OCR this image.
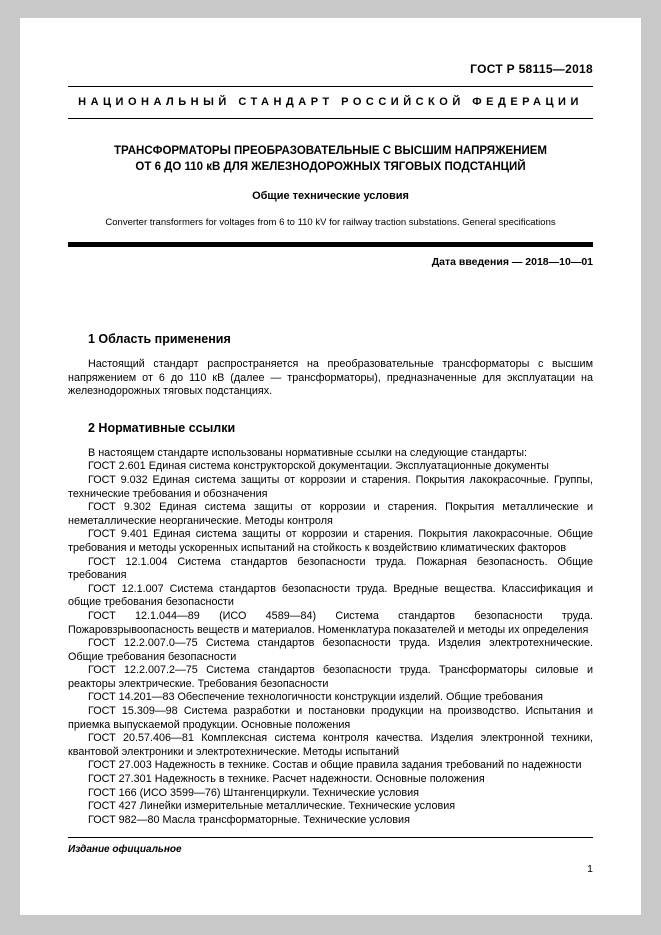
ГОСТ Р 58115—2018
НАЦИОНАЛЬНЫЙ СТАНДАРТ РОССИЙСКОЙ ФЕДЕРАЦИИ
ТРАНСФОРМАТОРЫ ПРЕОБРАЗОВАТЕЛЬНЫЕ С ВЫСШИМ НАПРЯЖЕНИЕМ
ОТ 6 ДО 110 кВ ДЛЯ ЖЕЛЕЗНОДОРОЖНЫХ ТЯГОВЫХ ПОДСТАНЦИЙ
Общие технические условия
Converter transformers for voltages from 6 to 110 kV for railway traction substations. General specifications
Дата введения — 2018—10—01
1 Область применения

Настоящий стандарт распространяется на преобразовательные трансформаторы с высшим напряжением от 6 до 110 кВ (далее — трансформаторы), предназначенные для эксплуатации на железнодорожных тяговых подстанциях.

2 Нормативные ссылки

В настоящем стандарте использованы нормативные ссылки на следующие стандарты:

ГОСТ 2.601 Единая система конструкторской документации. Эксплуатационные документы

ГОСТ 9.032 Единая система защиты от коррозии и старения. Покрытия лакокрасочные. Группы, технические требования и обозначения

ГОСТ 9.302 Единая система защиты от коррозии и старения. Покрытия металлические и неметаллические неорганические. Методы контроля

ГОСТ 9.401 Единая система защиты от коррозии и старения. Покрытия лакокрасочные. Общие требования и методы ускоренных испытаний на стойкость к воздействию климатических факторов

ГОСТ 12.1.004 Система стандартов безопасности труда. Пожарная безопасность. Общие требования

ГОСТ 12.1.007 Система стандартов безопасности труда. Вредные вещества. Классификация и общие требования безопасности

ГОСТ 12.1.044—89 (ИСО 4589—84) Система стандартов безопасности труда. Пожаровзрывоопасность веществ и материалов. Номенклатура показателей и методы их определения

ГОСТ 12.2.007.0—75 Система стандартов безопасности труда. Изделия электротехнические. Общие требования безопасности

ГОСТ 12.2.007.2—75 Система стандартов безопасности труда. Трансформаторы силовые и реакторы электрические. Требования безопасности

ГОСТ 14.201—83 Обеспечение технологичности конструкции изделий. Общие требования

ГОСТ 15.309—98 Система разработки и постановки продукции на производство. Испытания и приемка выпускаемой продукции. Основные положения

ГОСТ 20.57.406—81 Комплексная система контроля качества. Изделия электронной техники, квантовой электроники и электротехнические. Методы испытаний

ГОСТ 27.003 Надежность в технике. Состав и общие правила задания требований по надежности

ГОСТ 27.301 Надежность в технике. Расчет надежности. Основные положения

ГОСТ 166 (ИСО 3599—76) Штангенциркули. Технические условия

ГОСТ 427 Линейки измерительные металлические. Технические условия

ГОСТ 982—80 Масла трансформаторные. Технические условия

Издание официальное
1
